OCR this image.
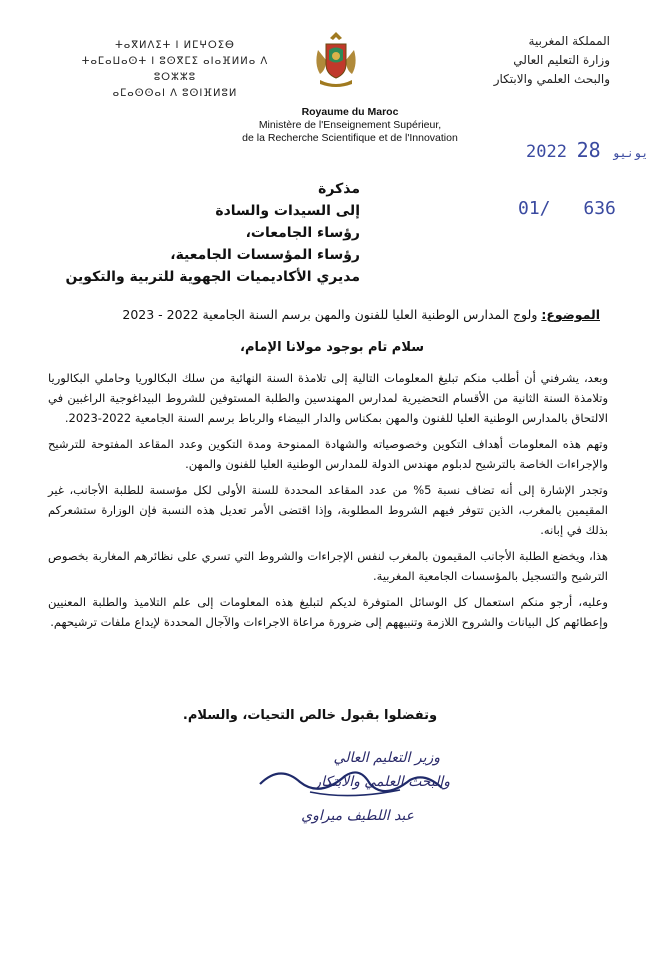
ⵜⴰⴳⵍⴷⵉⵜ ⵏ ⵍⵎⵖⵔⵉⴱ
ⵜⴰⵎⴰⵡⴰⵙⵜ ⵏ ⵓⵙⴳⵎⵉ ⴰⵏⴰⴼⵍⵍⴰ ⴷ ⵓⵔⵣⵣⵓ
ⴰⵎⴰⵙⵙⴰⵏ ⴷ ⵓⵙⵏⴼⵍⵓⵍ
المملكة المغربية
وزارة التعليم العالي
والبحث العلمي والابتكار
Royaume du Maroc
Ministère de l'Enseignement Supérieur,
de la Recherche Scientifique et de l'Innovation
2022	يونيو 28
01/ 636
مذكرة
إلى السيدات والسادة
رؤساء الجامعات،
رؤساء المؤسسات الجامعية،
مديري الأكاديميات الجهوية للتربية والتكوين
الموضوع: ولوج المدارس الوطنية العليا للفنون والمهن برسم السنة الجامعية 2022 - 2023
سلام تام بوجود مولانا الإمام،

وبعد، يشرفني أن أطلب منكم تبليغ المعلومات التالية إلى تلامذة السنة النهائية من سلك البكالوريا وحاملي البكالوريا وتلامذة السنة الثانية من الأقسام التحضيرية لمدارس المهندسين والطلبة المستوفين للشروط البيداغوجية الراغبين في الالتحاق بالمدارس الوطنية العليا للفنون والمهن بمكناس والدار البيضاء والرباط برسم السنة الجامعية 2022-2023.

وتهم هذه المعلومات أهداف التكوين وخصوصياته والشهادة الممنوحة ومدة التكوين وعدد المقاعد المفتوحة للترشيح والإجراءات الخاصة بالترشيح لدبلوم مهندس الدولة للمدارس الوطنية العليا للفنون والمهن.

وتجدر الإشارة إلى أنه تضاف نسبة 5% من عدد المقاعد المحددة للسنة الأولى لكل مؤسسة للطلبة الأجانب، غير المقيمين بالمغرب، الذين تتوفر فيهم الشروط المطلوبة، وإذا اقتضى الأمر تعديل هذه النسبة فإن الوزارة ستشعركم بذلك في إبانه.

هذا، ويخضع الطلبة الأجانب المقيمون بالمغرب لنفس الإجراءات والشروط التي تسري على نظائرهم المغاربة بخصوص الترشيح والتسجيل بالمؤسسات الجامعية المغربية.

وعليه، أرجو منكم استعمال كل الوسائل المتوفرة لديكم لتبليغ هذه المعلومات إلى علم التلاميذ والطلبة المعنيين وإعطائهم كل البيانات والشروح اللازمة وتنبيههم إلى ضرورة مراعاة الاجراءات والآجال المحددة لإيداع ملفات ترشيحهم.

وتفضلوا بقبول خالص التحيات، والسلام.
وزير التعليم العالي
والبحث العلمي والابتكار
عبد اللطيف ميراوي
